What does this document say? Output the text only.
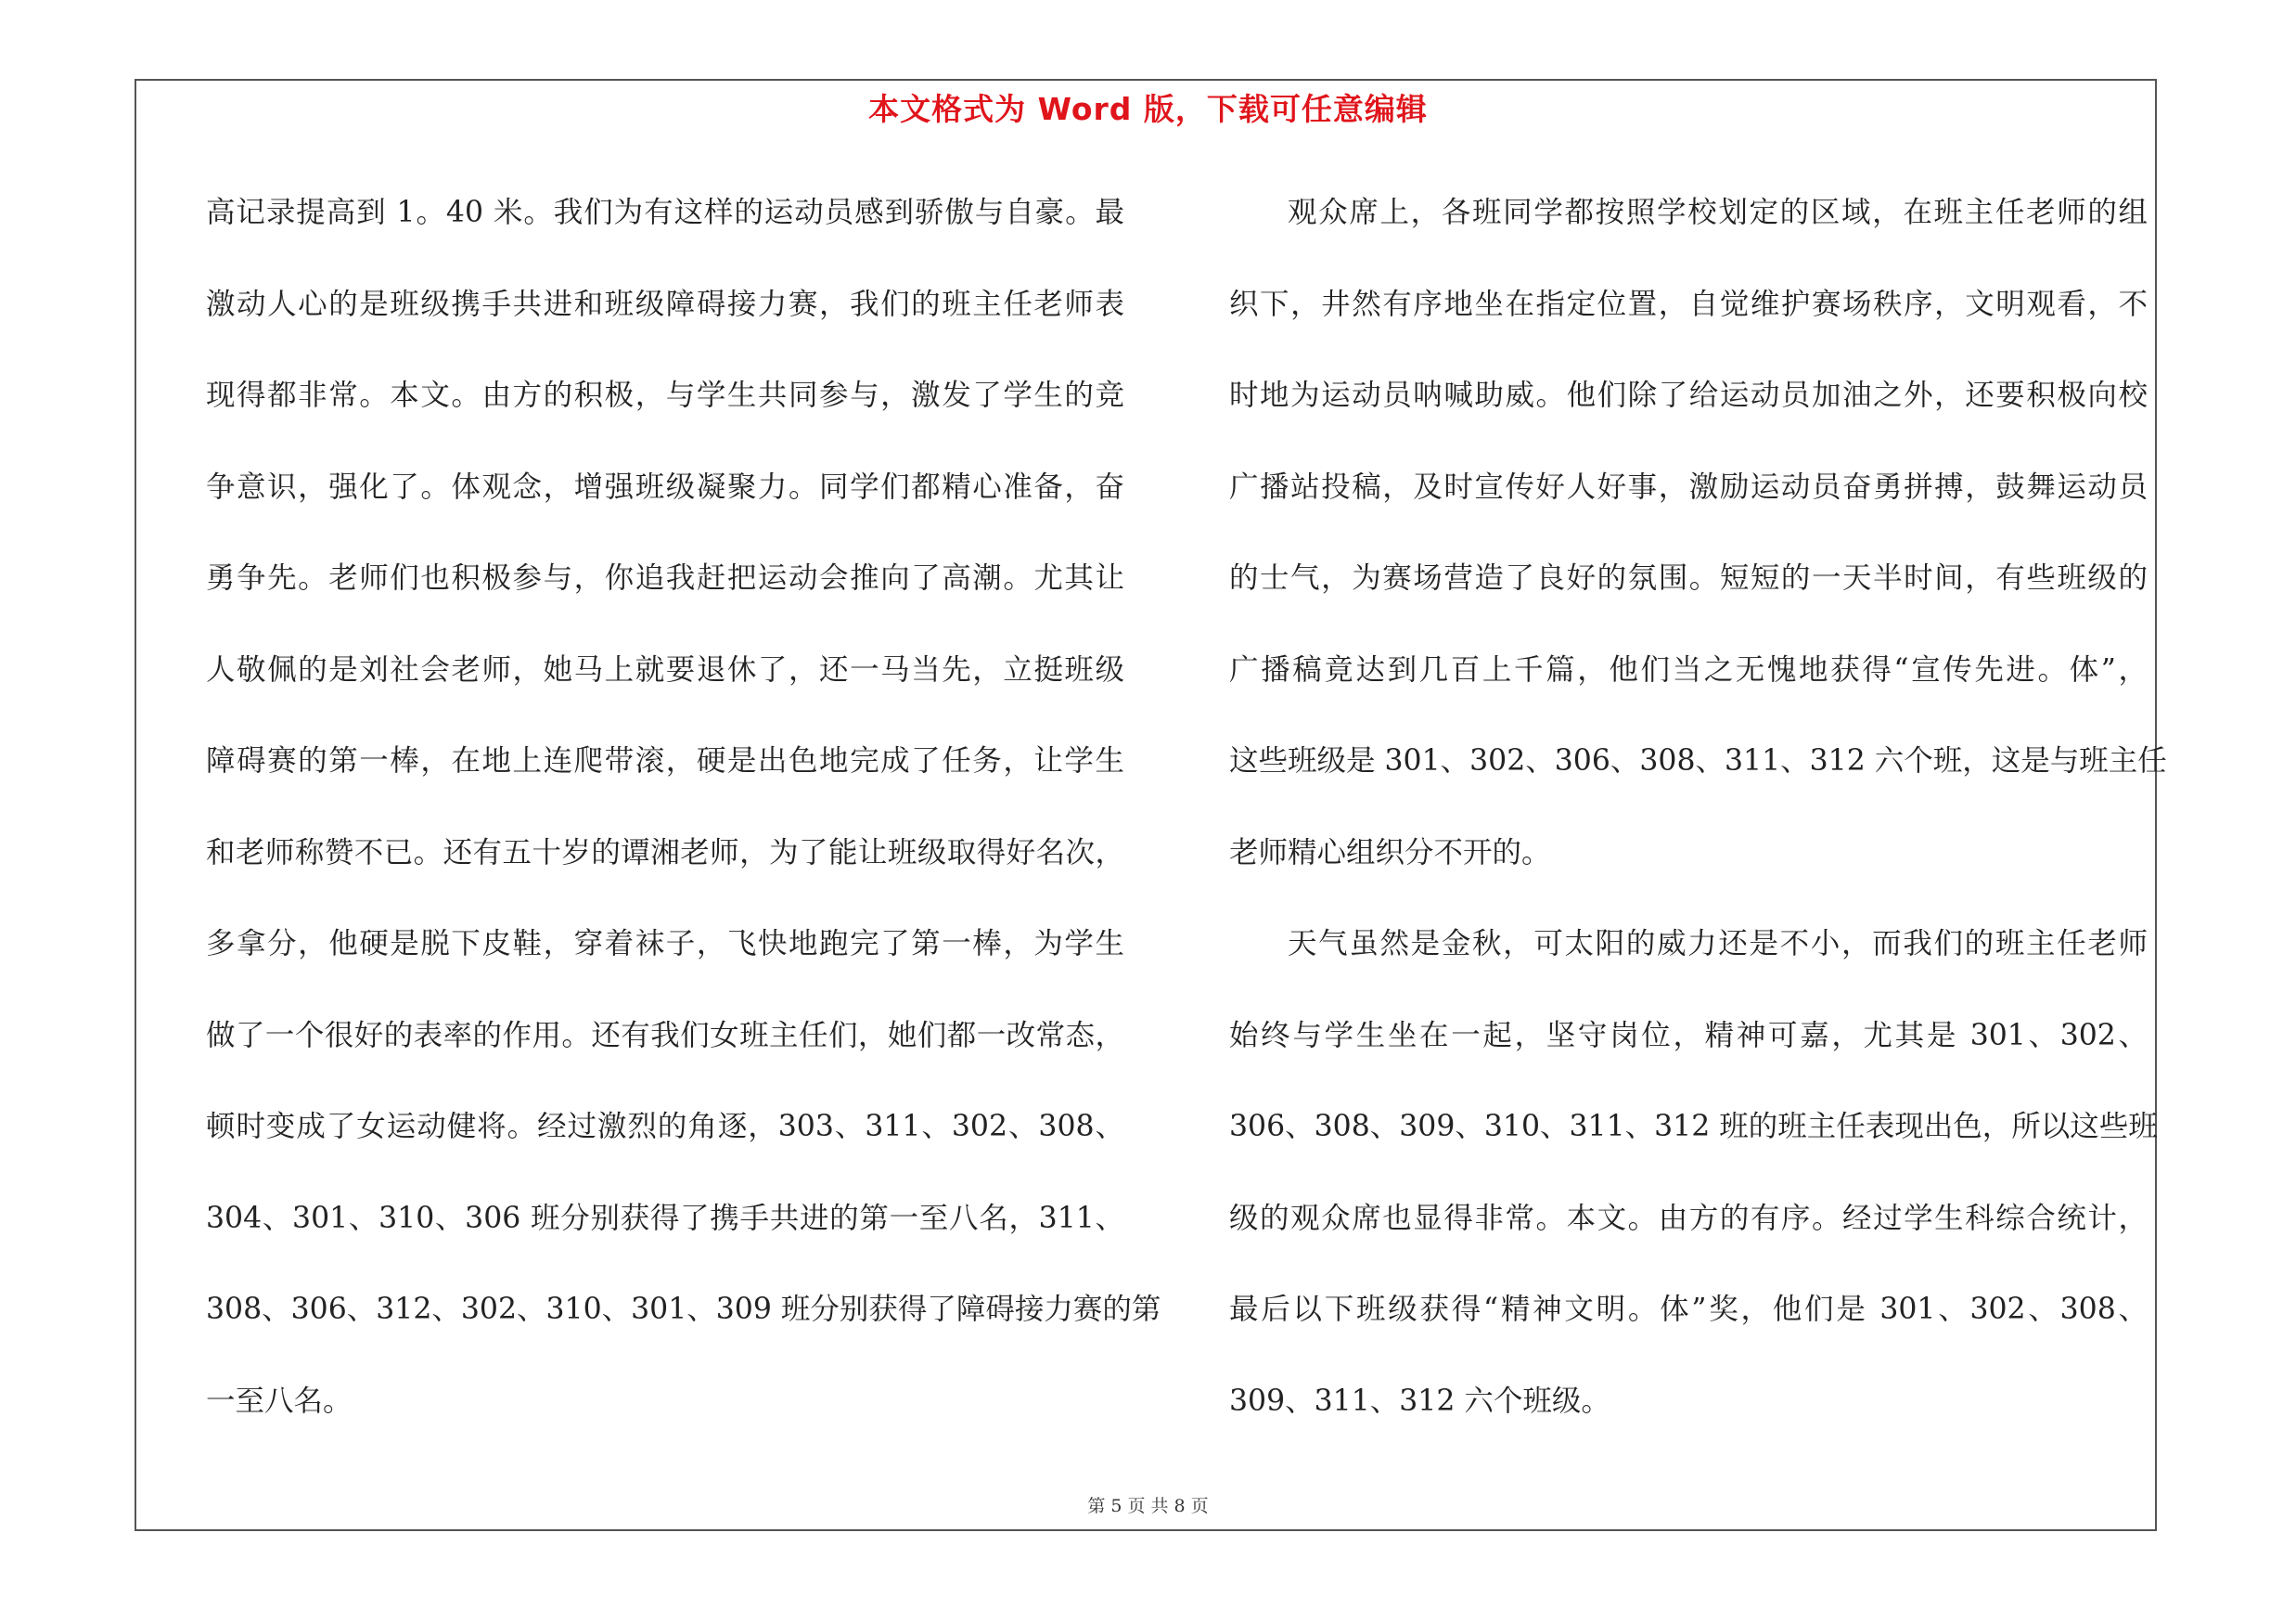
本文格式为 Word 版，下载可任意编辑
高记录提高到 1。40 米。我们为有这样的运动员感到骄傲与自豪。最
激动人心的是班级携手共进和班级障碍接力赛，我们的班主任老师表
现得都非常。本文。由方的积极，与学生共同参与，激发了学生的竞
争意识，强化了。体观念，增强班级凝聚力。同学们都精心准备，奋
勇争先。老师们也积极参与，你追我赶把运动会推向了高潮。尤其让
人敬佩的是刘社会老师，她马上就要退休了，还一马当先，立挺班级
障碍赛的第一棒，在地上连爬带滚，硬是出色地完成了任务，让学生
和老师称赞不已。还有五十岁的谭湘老师，为了能让班级取得好名次，
多拿分，他硬是脱下皮鞋，穿着袜子，飞快地跑完了第一棒，为学生
做了一个很好的表率的作用。还有我们女班主任们，她们都一改常态，
顿时变成了女运动健将。经过激烈的角逐，303、311、302、308、
304、301、310、306 班分别获得了携手共进的第一至八名，311、
308、306、312、302、310、301、309 班分别获得了障碍接力赛的第
一至八名。
观众席上，各班同学都按照学校划定的区域，在班主任老师的组
织下，井然有序地坐在指定位置，自觉维护赛场秩序，文明观看，不
时地为运动员呐喊助威。他们除了给运动员加油之外，还要积极向校
广播站投稿，及时宣传好人好事，激励运动员奋勇拼搏，鼓舞运动员
的士气，为赛场营造了良好的氛围。短短的一天半时间，有些班级的
广播稿竟达到几百上千篇，他们当之无愧地获得“宣传先进。体”，
这些班级是 301、302、306、308、311、312 六个班，这是与班主任
老师精心组织分不开的。
天气虽然是金秋，可太阳的威力还是不小，而我们的班主任老师
始终与学生坐在一起，坚守岗位，精神可嘉，尤其是 301、302、
306、308、309、310、311、312 班的班主任表现出色，所以这些班
级的观众席也显得非常。本文。由方的有序。经过学生科综合统计，
最后以下班级获得“精神文明。体”奖，他们是 301、302、308、
309、311、312 六个班级。
第 5 页 共 8 页
